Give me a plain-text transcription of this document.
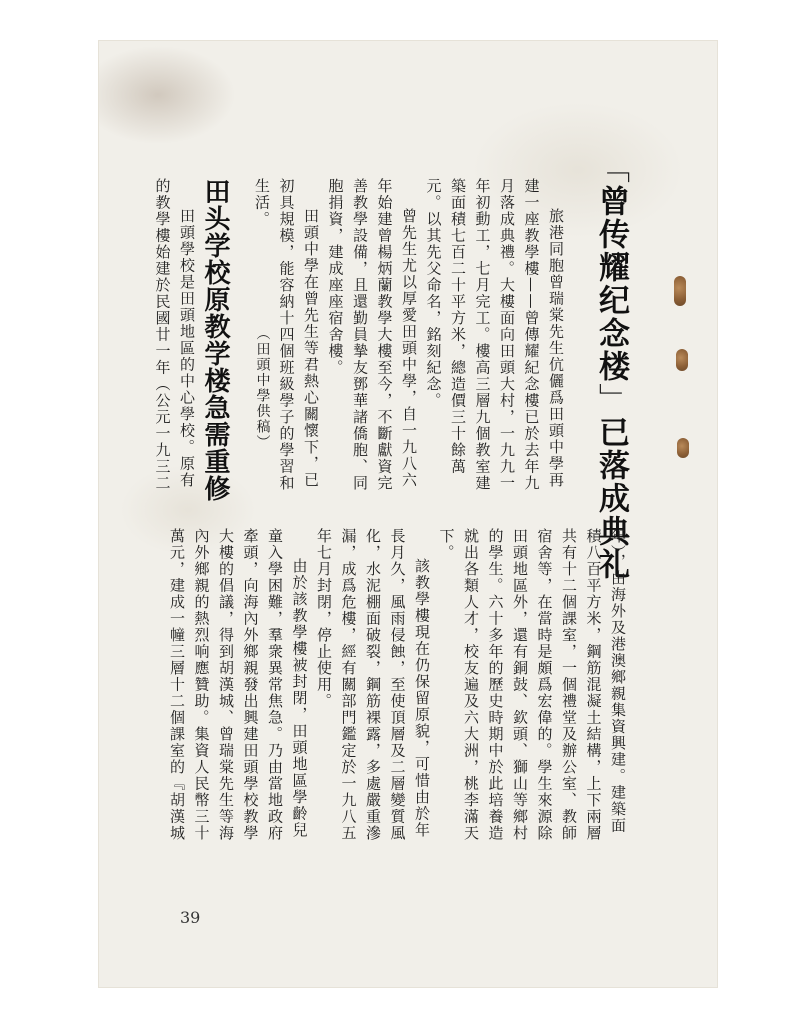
「曾传耀纪念楼」已落成典礼

旅港同胞曾瑞棠先生伉儷爲田頭中學再

建一座教學樓——曾傳耀紀念樓已於去年九

月落成典禮。大樓面向田頭大村，一九九一

年初動工，七月完工。樓高三層九個教室建

築面積七百二十平方米，總造價三十餘萬

元。以其先父命名，銘刻紀念。

曾先生尤以厚愛田頭中學，自一九八六

年始建曾楊炳蘭教學大樓至今，不斷獻資完

善教學設備，且還勤員摯友鄧華諸僑胞、同

胞捐資，建成座座宿舍樓。

田頭中學在曾先生等君熱心關懷下，已

初具規模，能容納十四個班級學子的學習和

生活。

（田頭中學供稿）
田头学校原教学楼急需重修

田頭學校是田頭地區的中心學校。原有

的教學樓始建於民國廿一年（公元一九三二

年），由海外及港澳鄉親集資興建。建築面

積八百平方米，鋼筋混凝土結構，上下兩層

共有十二個課室，一個禮堂及辦公室、教師

宿舍等，在當時是頗爲宏偉的。學生來源除

田頭地區外，還有銅鼓、欽頭、獅山等鄉村

的學生。六十多年的歷史時期中於此培養造

就出各類人才，校友遍及六大洲，桃李滿天

下。

該教學樓現在仍保留原貌，可惜由於年

長月久，風雨侵蝕，至使頂層及二層變質風

化，水泥棚面破裂，鋼筋裸露，多處嚴重滲

漏，成爲危樓，經有關部門鑑定於一九八五

年七月封閉，停止使用。

由於該教學樓被封閉，田頭地區學齡兒

童入學困難，羣衆異常焦急。乃由當地政府

牽頭，向海內外鄉親發出興建田頭學校教學

大樓的倡議，得到胡漢城、曾瑞棠先生等海

內外鄉親的熱烈响應贊助。集資人民幣三十

萬元，建成一幢三層十二個課室的『胡漢城

39
